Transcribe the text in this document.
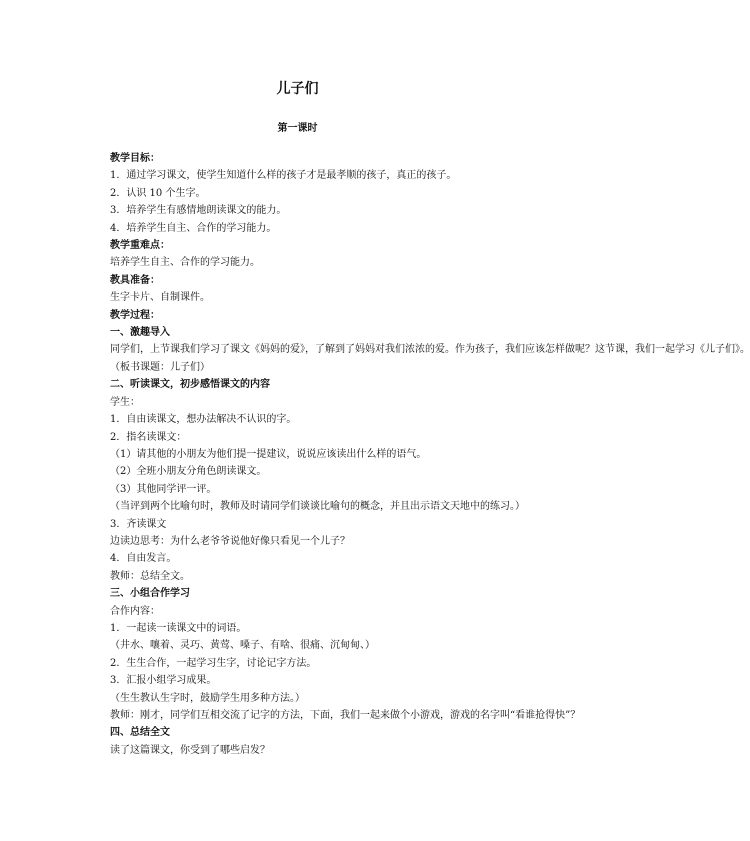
儿子们
第一课时

教学目标：

1．通过学习课文，使学生知道什么样的孩子才是最孝顺的孩子，真正的孩子。

2．认识 10 个生字。

3．培养学生有感情地朗读课文的能力。

4．培养学生自主、合作的学习能力。

教学重难点：

培养学生自主、合作的学习能力。

教具准备：

生字卡片、自制课件。

教学过程：

一、激趣导入

同学们，上节课我们学习了课文《妈妈的爱》，了解到了妈妈对我们浓浓的爱。作为孩子，我们应该怎样做呢？这节课，我们一起学习《儿子们》。

（板书课题：儿子们）

二、听读课文，初步感悟课文的内容

学生：

1．自由读课文，想办法解决不认识的字。

2．指名读课文：

（1）请其他的小朋友为他们提一提建议，说说应该读出什么样的语气。

（2）全班小朋友分角色朗读课文。

（3）其他同学评一评。

（当评到两个比喻句时，教师及时请同学们谈谈比喻句的概念，并且出示语文天地中的练习。）

3．齐读课文

边读边思考：为什么老爷爷说他好像只看见一个儿子？

4．自由发言。

教师：总结全文。

三、小组合作学习

合作内容：

1．一起读一读课文中的词语。

（井水、嚷着、灵巧、黄莺、嗓子、有啥、很痛、沉甸甸、）

2．生生合作，一起学习生字，讨论记字方法。

3．汇报小组学习成果。

（生生教认生字时，鼓励学生用多种方法。）

教师：刚才，同学们互相交流了记字的方法，下面，我们一起来做个小游戏，游戏的名字叫“看谁抢得快”？

四、总结全文

读了这篇课文，你受到了哪些启发？
